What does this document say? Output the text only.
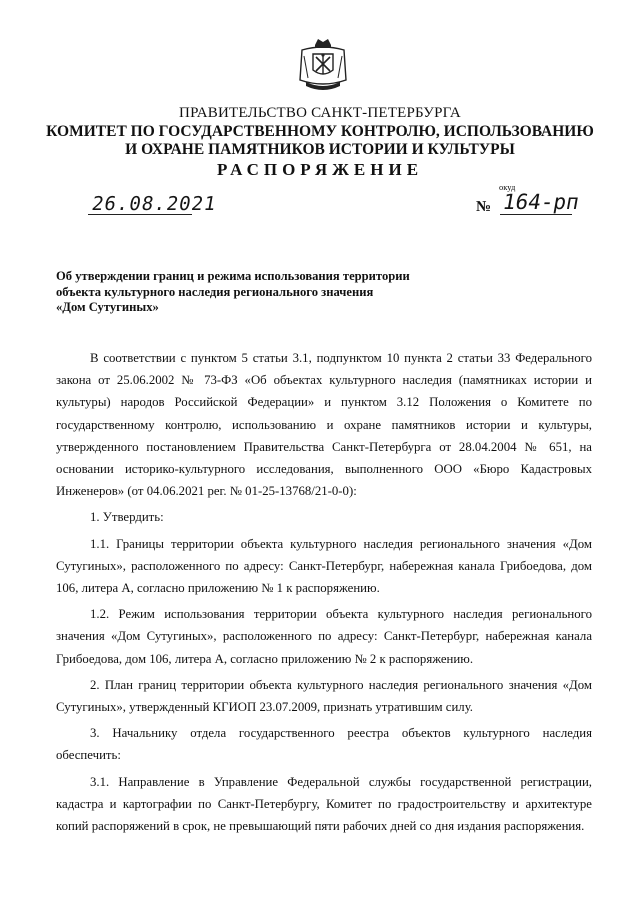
ПРАВИТЕЛЬСТВО САНКТ-ПЕТЕРБУРГА
КОМИТЕТ ПО ГОСУДАРСТВЕННОМУ КОНТРОЛЮ, ИСПОЛЬЗОВАНИЮ
И ОХРАНЕ ПАМЯТНИКОВ ИСТОРИИ И КУЛЬТУРЫ
РАСПОРЯЖЕНИЕ
26.08.2021
окуд
№ 164-рп
Об утверждении границ и режима использования территории
объекта культурного наследия регионального значения
«Дом Сутугиных»

В соответствии с пунктом 5 статьи 3.1, подпунктом 10 пункта 2 статьи 33 Федерального закона от 25.06.2002 № 73-ФЗ «Об объектах культурного наследия (памятниках истории и культуры) народов Российской Федерации» и пунктом 3.12 Положения о Комитете по государственному контролю, использованию и охране памятников истории и культуры, утвержденного постановлением Правительства Санкт-Петербурга от 28.04.2004 № 651, на основании историко-культурного исследования, выполненного ООО «Бюро Кадастровых Инженеров» (от 04.06.2021 рег. № 01-25-13768/21-0-0):

1. Утвердить:

1.1. Границы территории объекта культурного наследия регионального значения «Дом Сутугиных», расположенного по адресу: Санкт-Петербург, набережная канала Грибоедова, дом 106, литера А, согласно приложению № 1 к распоряжению.

1.2. Режим использования территории объекта культурного наследия регионального значения «Дом Сутугиных», расположенного по адресу: Санкт-Петербург, набережная канала Грибоедова, дом 106, литера А, согласно приложению № 2 к распоряжению.

2. План границ территории объекта культурного наследия регионального значения «Дом Сутугиных», утвержденный КГИОП 23.07.2009, признать утратившим силу.

3. Начальнику отдела государственного реестра объектов культурного наследия обеспечить:

3.1. Направление в Управление Федеральной службы государственной регистрации, кадастра и картографии по Санкт-Петербургу, Комитет по градостроительству и архитектуре копий распоряжений в срок, не превышающий пяти рабочих дней со дня издания распоряжения.
